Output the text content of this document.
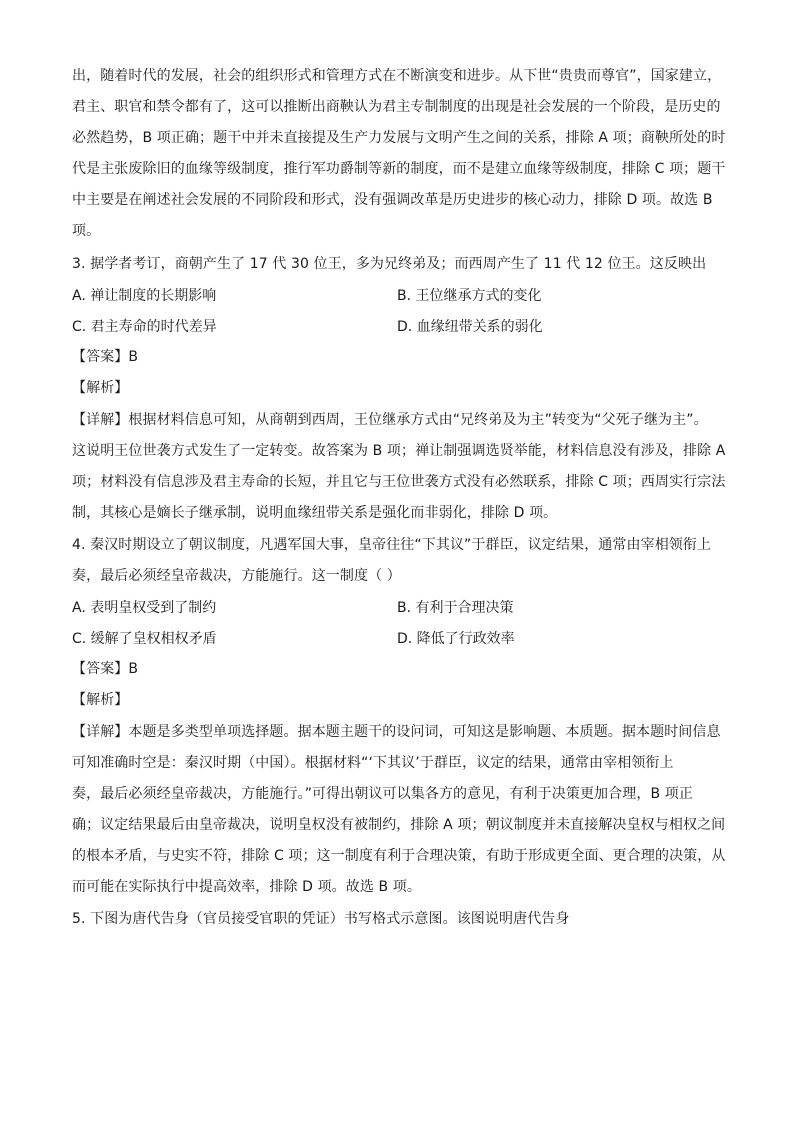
出，随着时代的发展，社会的组织形式和管理方式在不断演变和进步。从下世“贵贵而尊官”，国家建立，
君主、职官和禁令都有了，这可以推断出商鞅认为君主专制制度的出现是社会发展的一个阶段，是历史的
必然趋势，B 项正确；题干中并未直接提及生产力发展与文明产生之间的关系，排除 A 项；商鞅所处的时
代是主张废除旧的血缘等级制度，推行军功爵制等新的制度，而不是建立血缘等级制度，排除 C 项；题干
中主要是在阐述社会发展的不同阶段和形式，没有强调改革是历史进步的核心动力，排除 D 项。故选 B
项。
3. 据学者考订，商朝产生了 17 代 30 位王，多为兄终弟及；而西周产生了 11 代 12 位王。这反映出
A. 禅让制度的长期影响	B. 王位继承方式的变化
C. 君主寿命的时代差异	D. 血缘纽带关系的弱化
【答案】B
【解析】
【详解】根据材料信息可知，从商朝到西周，王位继承方式由“兄终弟及为主”转变为“父死子继为主”。
这说明王位世袭方式发生了一定转变。故答案为 B 项；禅让制强调选贤举能，材料信息没有涉及，排除 A
项；材料没有信息涉及君主寿命的长短，并且它与王位世袭方式没有必然联系，排除 C 项；西周实行宗法
制，其核心是嫡长子继承制，说明血缘纽带关系是强化而非弱化，排除 D 项。
4. 秦汉时期设立了朝议制度，凡遇军国大事，皇帝往往“下其议”于群臣，议定结果，通常由宰相领衔上
奏，最后必须经皇帝裁决，方能施行。这一制度（ ）
A. 表明皇权受到了制约	B. 有利于合理决策
C. 缓解了皇权相权矛盾	D. 降低了行政效率
【答案】B
【解析】
【详解】本题是多类型单项选择题。据本题主题干的设问词，可知这是影响题、本质题。据本题时间信息
可知准确时空是：秦汉时期（中国）。根据材料“‘下其议’于群臣，议定的结果，通常由宰相领衔上
奏，最后必须经皇帝裁决，方能施行。”可得出朝议可以集各方的意见，有利于决策更加合理，B 项正
确；议定结果最后由皇帝裁决，说明皇权没有被制约，排除 A 项；朝议制度并未直接解决皇权与相权之间
的根本矛盾，与史实不符，排除 C 项；这一制度有利于合理决策，有助于形成更全面、更合理的决策，从
而可能在实际执行中提高效率，排除 D 项。故选 B 项。
5. 下图为唐代告身（官员接受官职的凭证）书写格式示意图。该图说明唐代告身
